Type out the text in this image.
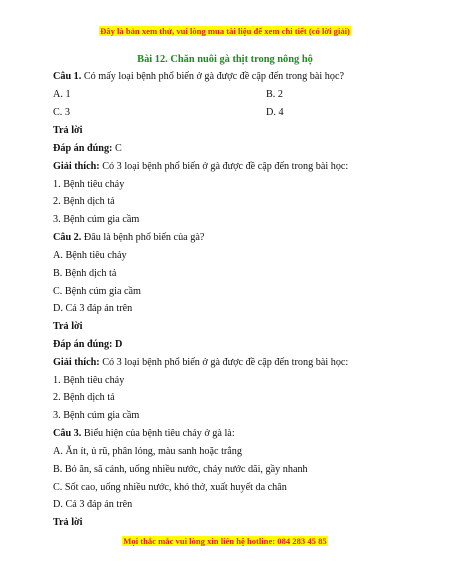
Đây là bản xem thử, vui lòng mua tài liệu để xem chi tiết (có lời giải)
Bài 12. Chăn nuôi gà thịt trong nông hộ
Câu 1. Có mấy loại bệnh phổ biến ở gà được đề cập đến trong bài học?
A. 1	B. 2
C. 3	D. 4
Trả lời
Đáp án đúng: C
Giải thích: Có 3 loại bệnh phổ biến ở gà được đề cập đến trong bài học:
1. Bệnh tiêu chảy
2. Bệnh dịch tả
3. Bệnh cúm gia cầm
Câu 2. Đâu là bệnh phổ biến của gà?
A. Bệnh tiêu chảy
B. Bệnh dịch tả
C. Bệnh cúm gia cầm
D. Cả 3 đáp án trên
Trả lời
Đáp án đúng: D
Giải thích: Có 3 loại bệnh phổ biến ở gà được đề cập đến trong bài học:
1. Bệnh tiêu chảy
2. Bệnh dịch tả
3. Bệnh cúm gia cầm
Câu 3. Biểu hiện của bệnh tiêu chảy ở gà là:
A. Ăn ít, ủ rũ, phân lỏng, màu sanh hoặc trắng
B. Bỏ ăn, sã cánh, uống nhiều nước, chảy nước dãi, gầy nhanh
C. Sốt cao, uống nhiều nước, khó thở, xuất huyết da chân
D. Cả 3 đáp án trên
Trả lời
Mọi thắc mắc vui lòng xin liên hệ hotline: 084 283 45 85
